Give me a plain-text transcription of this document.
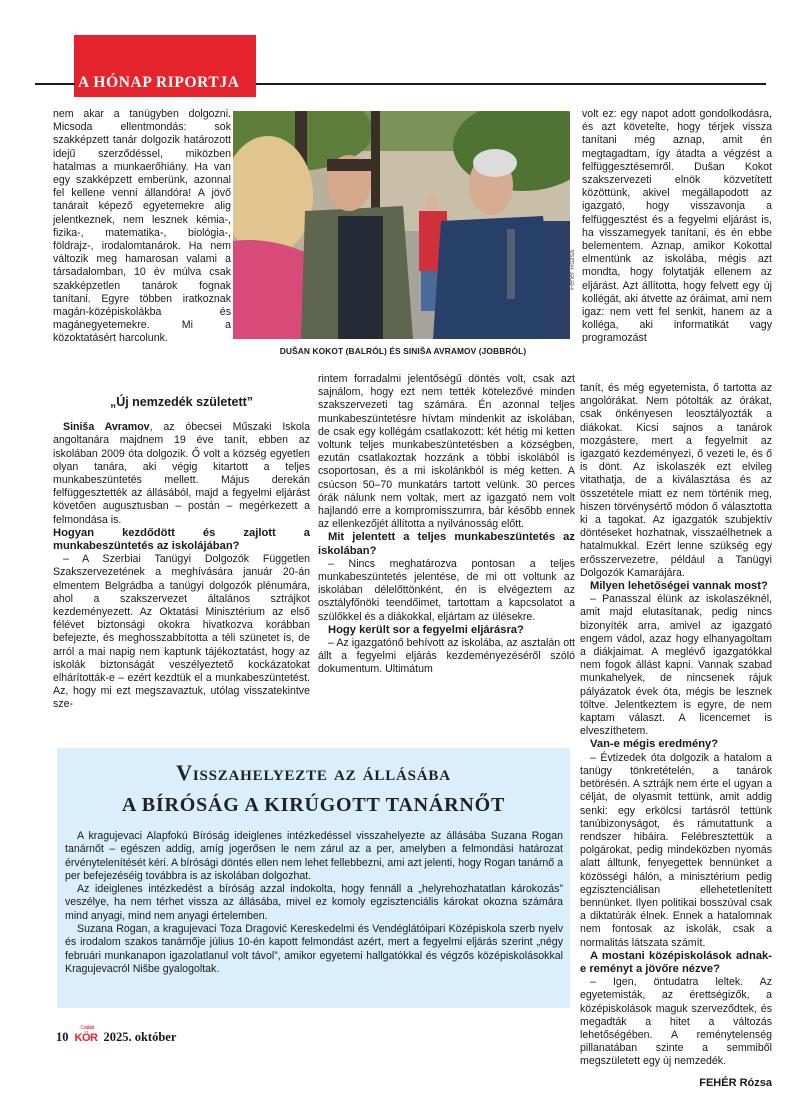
A HÓNAP RIPORTJA

nem akar a tanügyben dolgozni. Micsoda ellentmondás: sok szakképzett tanár dolgozik határozott idejű szerződéssel, miközben hatalmas a munkaerőhiány. Ha van egy szakképzett emberünk, azonnal fel kellene venni állandóra! A jövő tanárait képező egyetemekre alig jelentkeznek, nem lesznek kémia-, fizika-, matematika-, biológia-, földrajz-, irodalomtanárok. Ha nem változik meg hamarosan valami a társadalomban, 10 év múlva csak szakképzetlen tanárok fognak tanítani. Egyre többen iratkoznak magán-középiskolákba és magánegyetemekre. Mi a közoktatásért harcolunk.

Fehér Rózsa
DUŠAN KOKOT (BALRÓL) ÉS SINIŠA AVRAMOV (JOBBRÓL)
„Új nemzedék született”

Siniša Avramov, az óbecsei Műszaki Iskola angoltanára majdnem 19 éve tanít, ebben az iskolában 2009 óta dolgozik. Ő volt a község egyetlen olyan tanára, aki végig kitartott a teljes munkabeszüntetés mellett. Május derekán felfüggesztették az állásából, majd a fegyelmi eljárást követően augusztusban – postán – megérkezett a felmondása is.

Hogyan kezdődött és zajlott a munkabeszüntetés az iskolájában?

– A Szerbiai Tanügyi Dolgozók Független Szakszervezetének a meghívására január 20-án elmentem Belgrádba a tanügyi dolgozók plénumára, ahol a szakszervezet általános sztrájkot kezdeményezett. Az Oktatási Minisztérium az első félévet biztonsági okokra hivatkozva korábban befejezte, és meghosszabbította a téli szünetet is, de arról a mai napig nem kaptunk tájékoztatást, hogy az iskolák biztonságát veszélyeztető kockázatokat elhárították-e – ezért kezdtük el a munkabeszüntetést. Az, hogy mi ezt megszavaztuk, utólag visszatekintve sze-

rintem forradalmi jelentőségű döntés volt, csak azt sajnálom, hogy ezt nem tették kötelezővé minden szakszervezeti tag számára. Én azonnal teljes munkabeszüntetésre hívtam mindenkit az iskolában, de csak egy kollégám csatlakozott: két hétig mi ketten voltunk teljes munkabeszüntetésben a községben, ezután csatlakoztak hozzánk a többi iskolából is csoportosan, és a mi iskolánkból is még ketten. A csúcson 50–70 munkatárs tartott velünk. 30 perces órák nálunk nem voltak, mert az igazgató nem volt hajlandó erre a kompromisszumra, bár később ennek az ellenkezőjét állította a nyilvánosság előtt.

Mit jelentett a teljes munkabeszüntetés az iskolában?

– Nincs meghatározva pontosan a teljes munkabeszüntetés jelentése, de mi ott voltunk az iskolában délelőttönként, én is elvégeztem az osztályfőnöki teendőimet, tartottam a kapcsolatot a szülőkkel és a diákokkal, eljártam az ülésekre.

Hogy került sor a fegyelmi eljárásra?

– Az igazgatónő behívott az iskolába, az asztalán ott állt a fegyelmi eljárás kezdeményezéséről szóló dokumentum. Ultimátum

volt ez: egy napot adott gondolkodásra, és azt követelte, hogy térjek vissza tanítani még aznap, amit én megtagadtam, így átadta a végzést a felfüggesztésemről. Dušan Kokot szakszervezeti elnök közvetített közöttünk, akivel megállapodott az igazgató, hogy visszavonja a felfüggesztést és a fegyelmi eljárást is, ha visszamegyek tanítani, és én ebbe belementem. Aznap, amikor Kokottal elmentünk az iskolába, mégis azt mondta, hogy folytatják ellenem az eljárást. Azt állította, hogy felvett egy új kollégát, aki átvette az óráimat, ami nem igaz: nem vett fel senkit, hanem az a kolléga, aki informatikát vagy programozást

tanít, és még egyetemista, ő tartotta az angolórákat. Nem pótolták az órákat, csak önkényesen leosztályozták a diákokat. Kicsi sajnos a tanárok mozgástere, mert a fegyelmit az igazgató kezdeményezi, ő vezeti le, és ő is dönt. Az iskolaszék ezt elvileg vitathatja, de a kiválasztása és az összetétele miatt ez nem történik meg, hiszen törvénysértő módon ő választotta ki a tagokat. Az igazgatók szubjektív döntéseket hozhatnak, visszaélhetnek a hatalmukkal. Ezért lenne szükség egy erősszervezetre, például a Tanügyi Dolgozók Kamarájára.

Milyen lehetőségei vannak most?

– Panasszal élünk az iskolaszéknél, amit majd elutasítanak, pedig nincs bizonyíték arra, amivel az igazgató engem vádol, azaz hogy elhanyagoltam a diákjaimat. A meglévő igazgatókkal nem fogok állást kapni. Vannak szabad munkahelyek, de nincsenek rájuk pályázatok évek óta, mégis be lesznek töltve. Jelentkeztem is egyre, de nem kaptam választ. A licencemet is elveszíthetem.

Van-e mégis eredmény?

– Évtizedek óta dolgozik a hatalom a tanügy tönkretételén, a tanárok betörésén. A sztrájk nem érte el ugyan a célját, de olyasmit tettünk, amit addig senki: egy erkölcsi tartásról tettünk tanúbizonyságot, és rámutattunk a rendszer hibáira. Felébresztettük a polgárokat, pedig mindeközben nyomás alatt álltunk, fenyegettek bennünket a közösségi hálón, a minisztérium pedig egzisztenciálisan ellehetetlenített bennünket. Ilyen politikai bosszúval csak a diktatúrák élnek. Ennek a hatalomnak nem fontosak az iskolák, csak a normalitás látszata számít.

A mostani középiskolások adnak-e reményt a jövőre nézve?

– Igen, öntudatra leltek. Az egyetemisták, az érettségizők, a középiskolások maguk szerveződtek, és megadták a hitet a változás lehetőségében. A reménytelenség pillanatában szinte a semmiből megszületett egy új nemzedék.

FEHÉR Rózsa
Visszahelyezte az állásába
A BÍRÓSÁG A KIRÚGOTT TANÁRNŐT

A kragujevaci Alapfokú Bíróság ideiglenes intézkedéssel visszahelyezte az állásába Suzana Rogan tanárnőt – egészen addig, amíg jogerősen le nem zárul az a per, amelyben a felmondási határozat érvénytelenítését kéri. A bírósági döntés ellen nem lehet fellebbezni, ami azt jelenti, hogy Rogan tanárnő a per befejezéséig továbbra is az iskolában dolgozhat.

Az ideiglenes intézkedést a bíróság azzal indokolta, hogy fennáll a „helyrehozhatatlan károkozás” veszélye, ha nem térhet vissza az állásába, mivel ez komoly egzisztenciális károkat okozna számára mind anyagi, mind nem anyagi értelemben.

Suzana Rogan, a kragujevaci Toza Dragović Kereskedelmi és Vendéglátóipari Középiskola szerb nyelv és irodalom szakos tanárnője július 10-én kapott felmondást azért, mert a fegyelmi eljárás szerint „négy februári munkanapon igazolatlanul volt távol”, amikor egyetemi hallgatókkal és végzős középiskolásokkal Kragujevacról Nišbe gyalogoltak.

10
Családi
KÖR 2025. október
